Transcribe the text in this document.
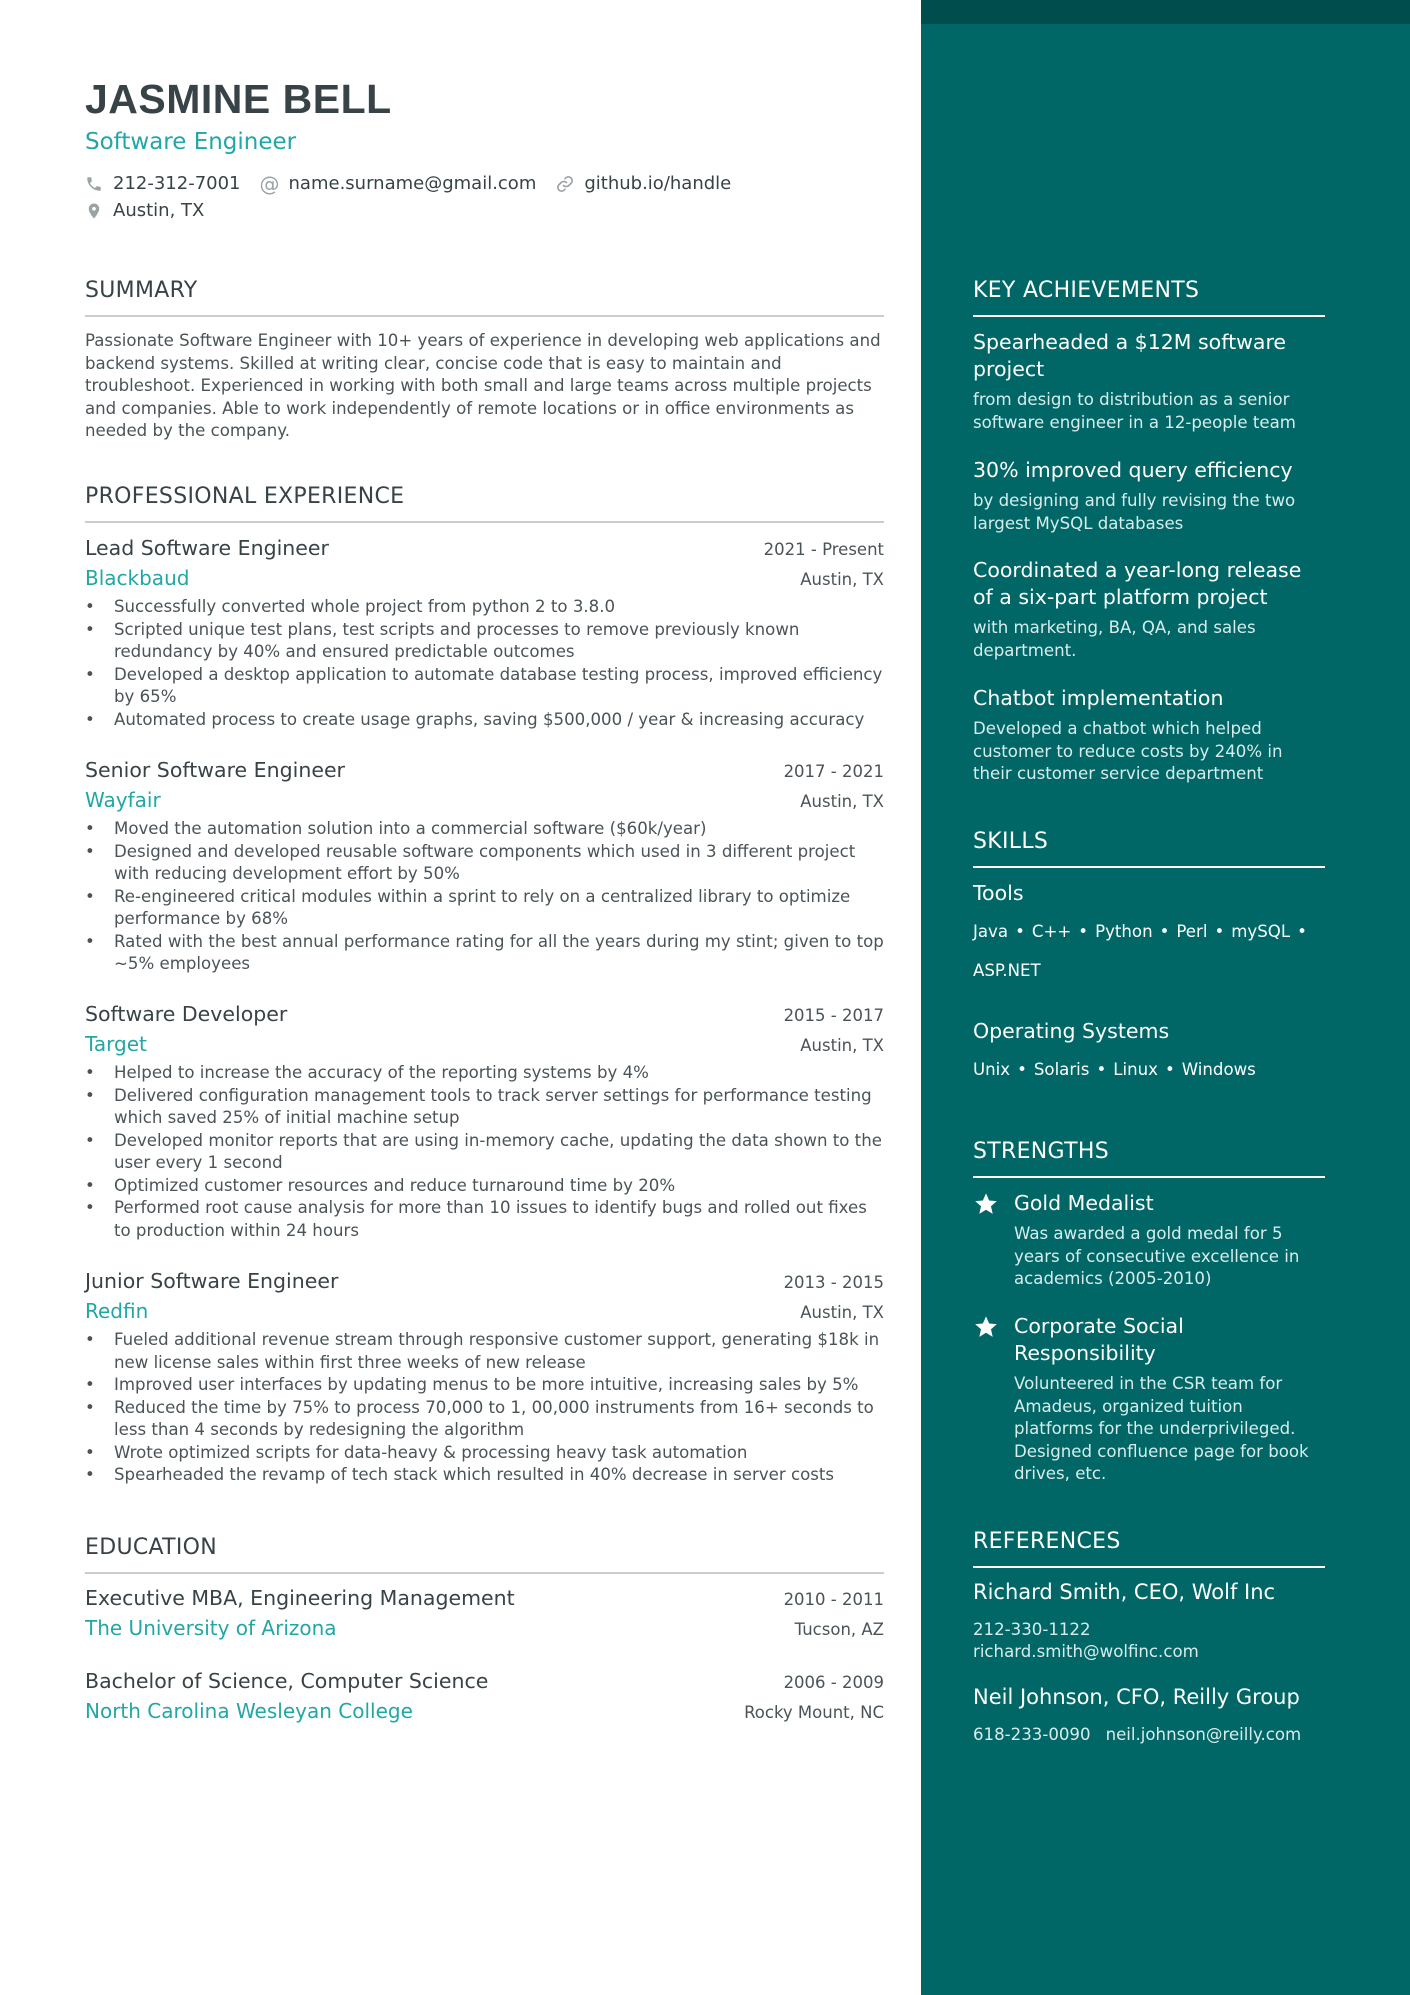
JASMINE BELL
Software Engineer
212-312-7001 @ name.surname@gmail.com	github.io/handle
Austin, TX
SUMMARY
Passionate Software Engineer with 10+ years of experience in developing web applications and backend systems. Skilled at writing clear, concise code that is easy to maintain and troubleshoot. Experienced in working with both small and large teams across multiple projects and companies. Able to work independently of remote locations or in office environments as needed by the company.
PROFESSIONAL EXPERIENCE
Lead Software Engineer	2021 - Present
Blackbaud	Austin, TX
• Successfully converted whole project from python 2 to 3.8.0
• Scripted unique test plans, test scripts and processes to remove previously known redundancy by 40% and ensured predictable outcomes
• Developed a desktop application to automate database testing process, improved efficiency by 65%
• Automated process to create usage graphs, saving $500,000 / year & increasing accuracy
Senior Software Engineer	2017 - 2021
Wayfair	Austin, TX
• Moved the automation solution into a commercial software ($60k/year)
• Designed and developed reusable software components which used in 3 different project with reducing development effort by 50%
• Re-engineered critical modules within a sprint to rely on a centralized library to optimize performance by 68%
• Rated with the best annual performance rating for all the years during my stint; given to top ~5% employees
Software Developer	2015 - 2017
Target	Austin, TX
• Helped to increase the accuracy of the reporting systems by 4%
• Delivered configuration management tools to track server settings for performance testing which saved 25% of initial machine setup
• Developed monitor reports that are using in-memory cache, updating the data shown to the user every 1 second
• Optimized customer resources and reduce turnaround time by 20%
• Performed root cause analysis for more than 10 issues to identify bugs and rolled out fixes to production within 24 hours
Junior Software Engineer	2013 - 2015
Redfin	Austin, TX
• Fueled additional revenue stream through responsive customer support, generating $18k in new license sales within first three weeks of new release
• Improved user interfaces by updating menus to be more intuitive, increasing sales by 5%
• Reduced the time by 75% to process 70,000 to 1, 00,000 instruments from 16+ seconds to less than 4 seconds by redesigning the algorithm
• Wrote optimized scripts for data-heavy & processing heavy task automation
• Spearheaded the revamp of tech stack which resulted in 40% decrease in server costs
EDUCATION
Executive MBA, Engineering Management	2010 - 2011
The University of Arizona	Tucson, AZ
Bachelor of Science, Computer Science	2006 - 2009
North Carolina Wesleyan College	Rocky Mount, NC
KEY ACHIEVEMENTS
Spearheaded a $12M software project
from design to distribution as a senior software engineer in a 12-people team
30% improved query efficiency
by designing and fully revising the two largest MySQL databases
Coordinated a year-long release of a six-part platform project
with marketing, BA, QA, and sales department.
Chatbot implementation
Developed a chatbot which helped customer to reduce costs by 240% in their customer service department
SKILLS
Tools
Java • C++ • Python • Perl • mySQL •
ASP.NET
Operating Systems
Unix • Solaris • Linux • Windows
STRENGTHS
Gold Medalist
Was awarded a gold medal for 5 years of consecutive excellence in academics (2005-2010)
Corporate Social Responsibility
Volunteered in the CSR team for Amadeus, organized tuition platforms for the underprivileged. Designed confluence page for book drives, etc.
REFERENCES
Richard Smith, CEO, Wolf Inc
212-330-1122
richard.smith@wolfinc.com
Neil Johnson, CFO, Reilly Group
618-233-0090 neil.johnson@reilly.com
